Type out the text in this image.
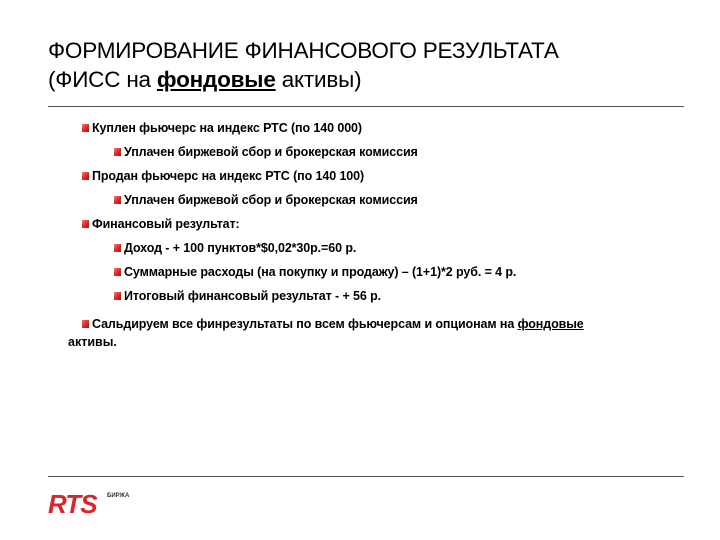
ФОРМИРОВАНИЕ ФИНАНСОВОГО РЕЗУЛЬТАТА
(ФИСС на фондовые активы)
Куплен фьючерс на индекс РТС (по 140 000)
Уплачен биржевой сбор и брокерская комиссия
Продан фьючерс на индекс РТС (по 140 100)
Уплачен биржевой сбор и брокерская комиссия
Финансовый результат:
Доход - + 100 пунктов*$0,02*30р.=60 р.
Суммарные расходы (на покупку и продажу) – (1+1)*2 руб. = 4 р.
Итоговый финансовый результат - + 56 р.
Сальдируем все финрезультаты по всем фьючерсам и опционам на фондовые
активы.
RTS БИРЖА
